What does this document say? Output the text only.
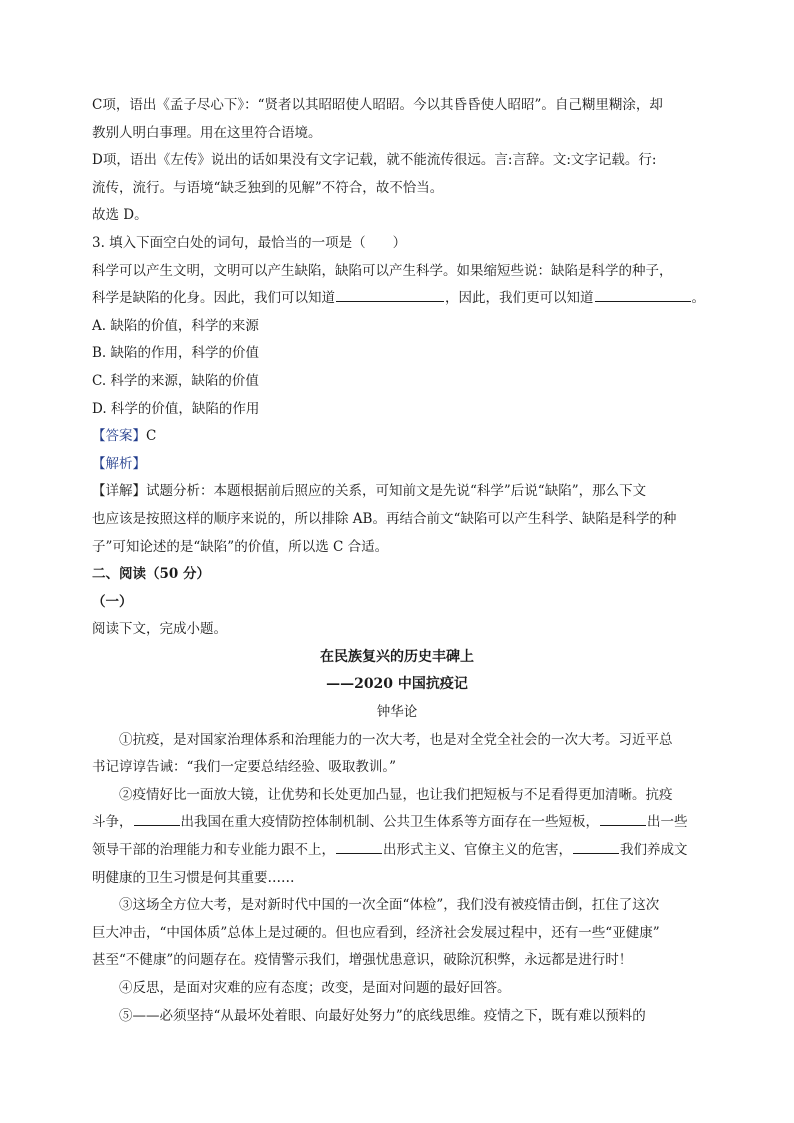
C项，语出《孟子尽心下》：“贤者以其昭昭使人昭昭。今以其昏昏使人昭昭”。自己糊里糊涂，却

教别人明白事理。用在这里符合语境。

D项，语出《左传》说出的话如果没有文字记载，就不能流传很远。言:言辞。文:文字记载。行:

流传，流行。与语境“缺乏独到的见解”不符合，故不恰当。

故选 D。

3. 填入下面空白处的词句，最恰当的一项是（　　）

科学可以产生文明，文明可以产生缺陷，缺陷可以产生科学。如果缩短些说：缺陷是科学的种子，

科学是缺陷的化身。因此，我们可以知道	，因此，我们更可以知道	。

A. 缺陷的价值，科学的来源

B. 缺陷的作用，科学的价值

C. 科学的来源，缺陷的价值

D. 科学的价值，缺陷的作用

【答案】C

【解析】

【详解】试题分析：本题根据前后照应的关系，可知前文是先说“科学”后说“缺陷”，那么下文

也应该是按照这样的顺序来说的，所以排除 AB。再结合前文“缺陷可以产生科学、缺陷是科学的种

子”可知论述的是“缺陷”的价值，所以选 C 合适。

二、阅读（50 分）

（一）

阅读下文，完成小题。

在民族复兴的历史丰碑上

——2020 中国抗疫记

钟华论

①抗疫，是对国家治理体系和治理能力的一次大考，也是对全党全社会的一次大考。习近平总

书记谆谆告诫：“我们一定要总结经验、吸取教训。”

②疫情好比一面放大镜，让优势和长处更加凸显，也让我们把短板与不足看得更加清晰。抗疫

斗争，	出我国在重大疫情防控体制机制、公共卫生体系等方面存在一些短板，	出一些

领导干部的治理能力和专业能力跟不上，	出形式主义、官僚主义的危害，	我们养成文

明健康的卫生习惯是何其重要……

③这场全方位大考，是对新时代中国的一次全面“体检”，我们没有被疫情击倒，扛住了这次

巨大冲击，“中国体质”总体上是过硬的。但也应看到，经济社会发展过程中，还有一些“亚健康”

甚至“不健康”的问题存在。疫情警示我们，增强忧患意识，破除沉积弊，永远都是进行时！

④反思，是面对灾难的应有态度；改变，是面对问题的最好回答。

⑤——必须坚持“从最坏处着眼、向最好处努力”的底线思维。疫情之下，既有难以预料的
